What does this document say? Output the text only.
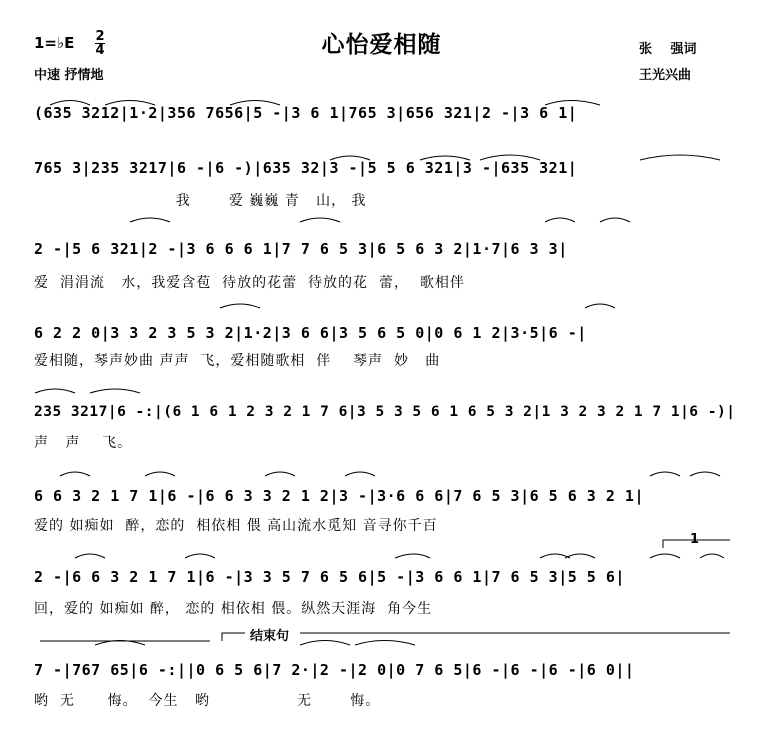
心怡爱相随
1=♭E 2
4
中速 抒情地
张 强词
王光兴曲
1
结束句
(635 3212|1·2|356 7656|5 -|3 6 1|765 3|656 321|2 -|3 6 1|
765 3|235 3217|6 -|6 -)|635 32|3 -|5 5 6 321|3 -|635 321|
我       爱 巍巍 青   山， 我
2 -|5 6 321|2 -|3 6 6 6 1|7 7 6 5 3|6 5 6 3 2|1·7|6 3 3|
爱  涓涓流   水，我爱含苞  待放的花蕾  待放的花  蕾，  歌相伴
6 2 2 0|3 3 2 3 5 3 2|1·2|3 6 6|3 5 6 5 0|0 6 1 2|3·5|6 -|
爱相随，琴声妙曲 声声  飞，爱相随歌相  伴    琴声  妙   曲
235 3217|6 -:|(6 1 6 1 2 3 2 1 7 6|3 5 3 5 6 1 6 5 3 2|1 3 2 3 2 1 7 1|6 -)|
声   声    飞。
6 6 3 2 1 7 1|6 -|6 6 3 3 2 1 2|3 -|3·6 6 6|7 6 5 3|6 5 6 3 2 1|
爱的 如痴如  醉，恋的  相依相 偎 高山流水觅知 音寻你千百
2 -|6 6 3 2 1 7 1|6 -|3 3 5 7 6 5 6|5 -|3 6 6 1|7 6 5 3|5 5 6|
回，爱的 如痴如 醉， 恋的 相依相 偎。纵然天涯海  角今生
7 -|767 65|6 -:||0 6 5 6|7 2·|2 -|2 0|0 7 6 5|6 -|6 -|6 -|6 0||
哟  无      悔。  今生   哟                无       悔。
